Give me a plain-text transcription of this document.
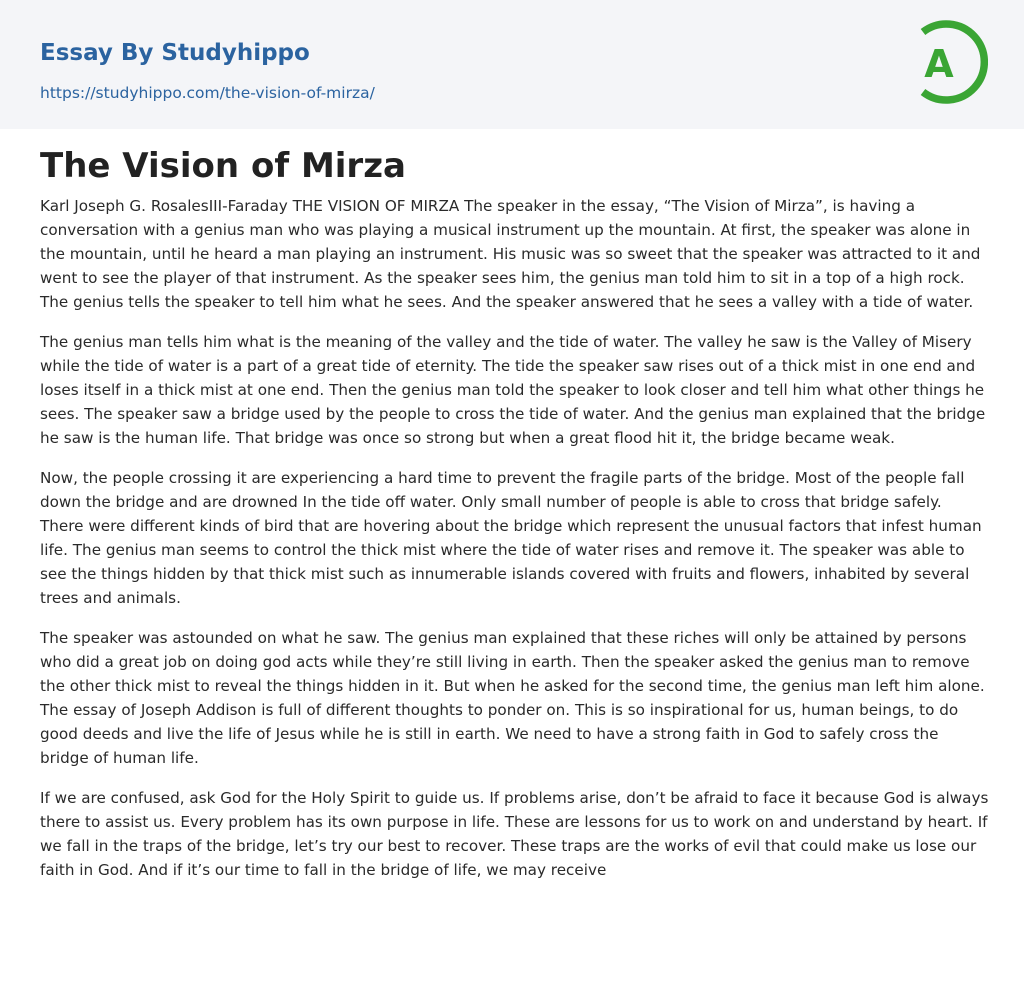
Essay By Studyhippo
https://studyhippo.com/the-vision-of-mirza/
A
The Vision of Mirza

Karl Joseph G. RosalesIII-Faraday THE VISION OF MIRZA The speaker in the essay, “The Vision of Mirza”, is having a conversation with a genius man who was playing a musical instrument up the mountain. At first, the speaker was alone in the mountain, until he heard a man playing an instrument. His music was so sweet that the speaker was attracted to it and went to see the player of that instrument. As the speaker sees him, the genius man told him to sit in a top of a high rock. The genius tells the speaker to tell him what he sees. And the speaker answered that he sees a valley with a tide of water.

The genius man tells him what is the meaning of the valley and the tide of water. The valley he saw is the Valley of Misery while the tide of water is a part of a great tide of eternity. The tide the speaker saw rises out of a thick mist in one end and loses itself in a thick mist at one end. Then the genius man told the speaker to look closer and tell him what other things he sees. The speaker saw a bridge used by the people to cross the tide of water. And the genius man explained that the bridge he saw is the human life. That bridge was once so strong but when a great flood hit it, the bridge became weak.

Now, the people crossing it are experiencing a hard time to prevent the fragile parts of the bridge. Most of the people fall down the bridge and are drowned In the tide off water. Only small number of people is able to cross that bridge safely. There were different kinds of bird that are hovering about the bridge which represent the unusual factors that infest human life. The genius man seems to control the thick mist where the tide of water rises and remove it. The speaker was able to see the things hidden by that thick mist such as innumerable islands covered with fruits and flowers, inhabited by several trees and animals.

The speaker was astounded on what he saw. The genius man explained that these riches will only be attained by persons who did a great job on doing god acts while they’re still living in earth. Then the speaker asked the genius man to remove the other thick mist to reveal the things hidden in it. But when he asked for the second time, the genius man left him alone. The essay of Joseph Addison is full of different thoughts to ponder on. This is so inspirational for us, human beings, to do good deeds and live the life of Jesus while he is still in earth. We need to have a strong faith in God to safely cross the bridge of human life.

If we are confused, ask God for the Holy Spirit to guide us. If problems arise, don’t be afraid to face it because God is always there to assist us. Every problem has its own purpose in life. These are lessons for us to work on and understand by heart. If we fall in the traps of the bridge, let’s try our best to recover. These traps are the works of evil that could make us lose our faith in God. And if it’s our time to fall in the bridge of life, we may receive
